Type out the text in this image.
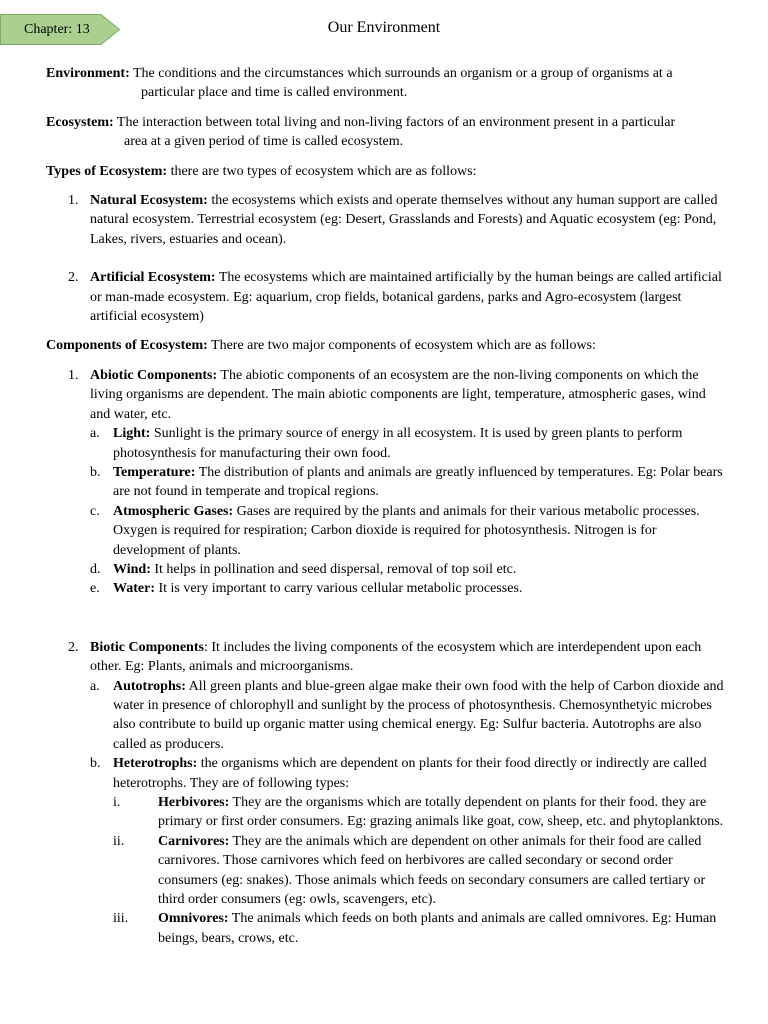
Chapter: 13	Our Environment

Environment: The conditions and the circumstances which surrounds an organism or a group of organisms at a

particular place and time is called environment.

Ecosystem: The interaction between total living and non-living factors of an environment present in a particular

area at a given period of time is called ecosystem.

Types of Ecosystem: there are two types of ecosystem which are as follows:

1. Natural Ecosystem: the ecosystems which exists and operate themselves without any human support are called natural ecosystem. Terrestrial ecosystem (eg: Desert, Grasslands and Forests) and Aquatic ecosystem (eg: Pond, Lakes, rivers, estuaries and ocean).
2. Artificial Ecosystem: The ecosystems which are maintained artificially by the human beings are called artificial or man-made ecosystem. Eg: aquarium, crop fields, botanical gardens, parks and Agro-ecosystem (largest artificial ecosystem)

Components of Ecosystem: There are two major components of ecosystem which are as follows:

1. Abiotic Components: The abiotic components of an ecosystem are the non-living components on which the living organisms are dependent. The main abiotic components are light, temperature, atmospheric gases, wind and water, etc.
a. Light: Sunlight is the primary source of energy in all ecosystem. It is used by green plants to perform photosynthesis for manufacturing their own food.
b. Temperature: The distribution of plants and animals are greatly influenced by temperatures. Eg: Polar bears are not found in temperate and tropical regions.
c. Atmospheric Gases: Gases are required by the plants and animals for their various metabolic processes. Oxygen is required for respiration; Carbon dioxide is required for photosynthesis. Nitrogen is for development of plants.
d. Wind: It helps in pollination and seed dispersal, removal of top soil etc.
e. Water: It is very important to carry various cellular metabolic processes.
2. Biotic Components: It includes the living components of the ecosystem which are interdependent upon each other. Eg: Plants, animals and microorganisms.
a. Autotrophs: All green plants and blue-green algae make their own food with the help of Carbon dioxide and water in presence of chlorophyll and sunlight by the process of photosynthesis. Chemosynthetyic microbes also contribute to build up organic matter using chemical energy. Eg: Sulfur bacteria. Autotrophs are also called as producers.
b. Heterotrophs: the organisms which are dependent on plants for their food directly or indirectly are called heterotrophs. They are of following types:
i.	Herbivores: They are the organisms which are totally dependent on plants for their food. they are primary or first order consumers. Eg: grazing animals like goat, cow, sheep, etc. and phytoplanktons.
ii.	Carnivores: They are the animals which are dependent on other animals for their food are called carnivores. Those carnivores which feed on herbivores are called secondary or second order consumers (eg: snakes). Those animals which feeds on secondary consumers are called tertiary or third order consumers (eg: owls, scavengers, etc).
iii.	Omnivores: The animals which feeds on both plants and animals are called omnivores. Eg: Human beings, bears, crows, etc.
